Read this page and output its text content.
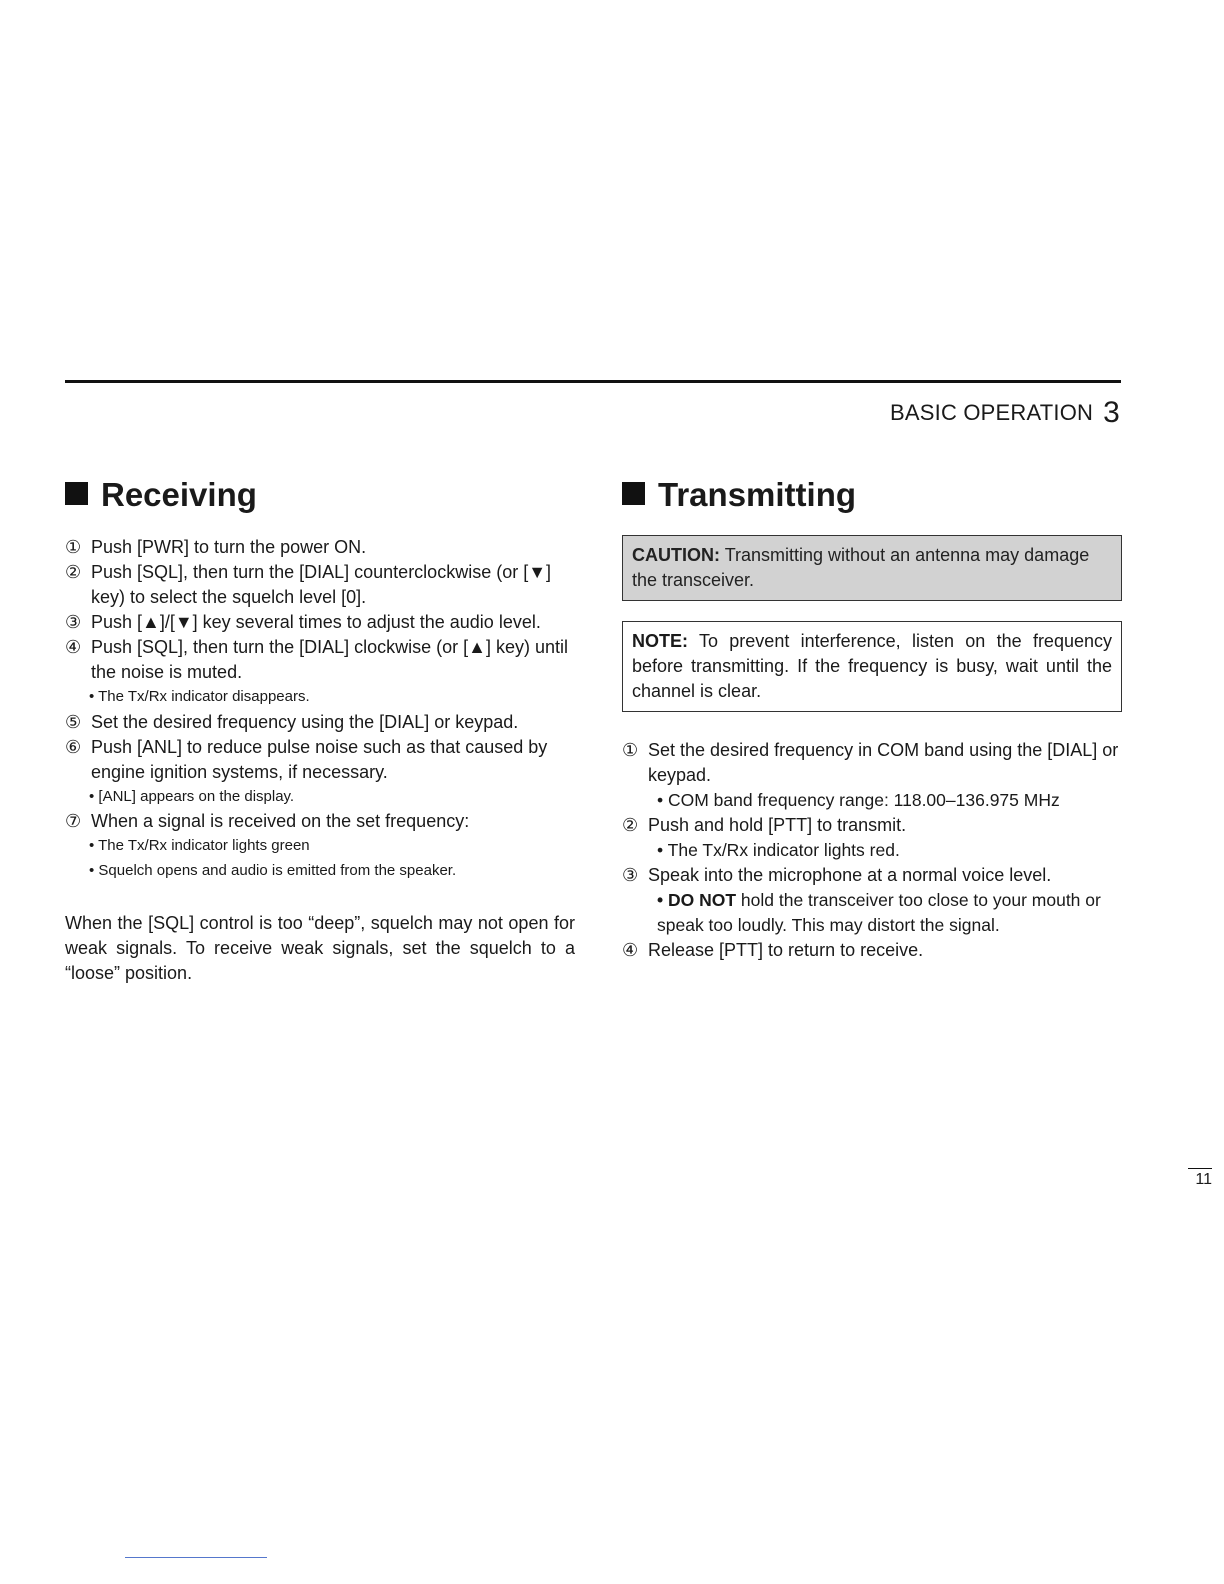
BASIC OPERATION 3
Receiving
① Push [PWR] to turn the power ON.
② Push [SQL], then turn the [DIAL] counterclockwise (or [▼] key) to select the squelch level [0].
③ Push [▲]/[▼] key several times to adjust the audio level.
④ Push [SQL], then turn the [DIAL] clockwise (or [▲] key) until the noise is muted.
• The Tx/Rx indicator disappears.
⑤ Set the desired frequency using the [DIAL] or keypad.
⑥ Push [ANL] to reduce pulse noise such as that caused by engine ignition systems, if necessary.
• [ANL] appears on the display.
⑦ When a signal is received on the set frequency:
• The Tx/Rx indicator lights green
• Squelch opens and audio is emitted from the speaker.
When the [SQL] control is too “deep”, squelch may not open for weak signals. To receive weak signals, set the squelch to a “loose” position.
Transmitting
CAUTION: Transmitting without an antenna may damage the transceiver.
NOTE: To prevent interference, listen on the frequency before transmitting. If the frequency is busy, wait until the channel is clear.
① Set the desired frequency in COM band using the [DIAL] or keypad.
• COM band frequency range: 118.00–136.975 MHz
② Push and hold [PTT] to transmit.
• The Tx/Rx indicator lights red.
③ Speak into the microphone at a normal voice level.
• DO NOT hold the transceiver too close to your mouth or speak too loudly. This may distort the signal.
④ Release [PTT] to return to receive.
11
